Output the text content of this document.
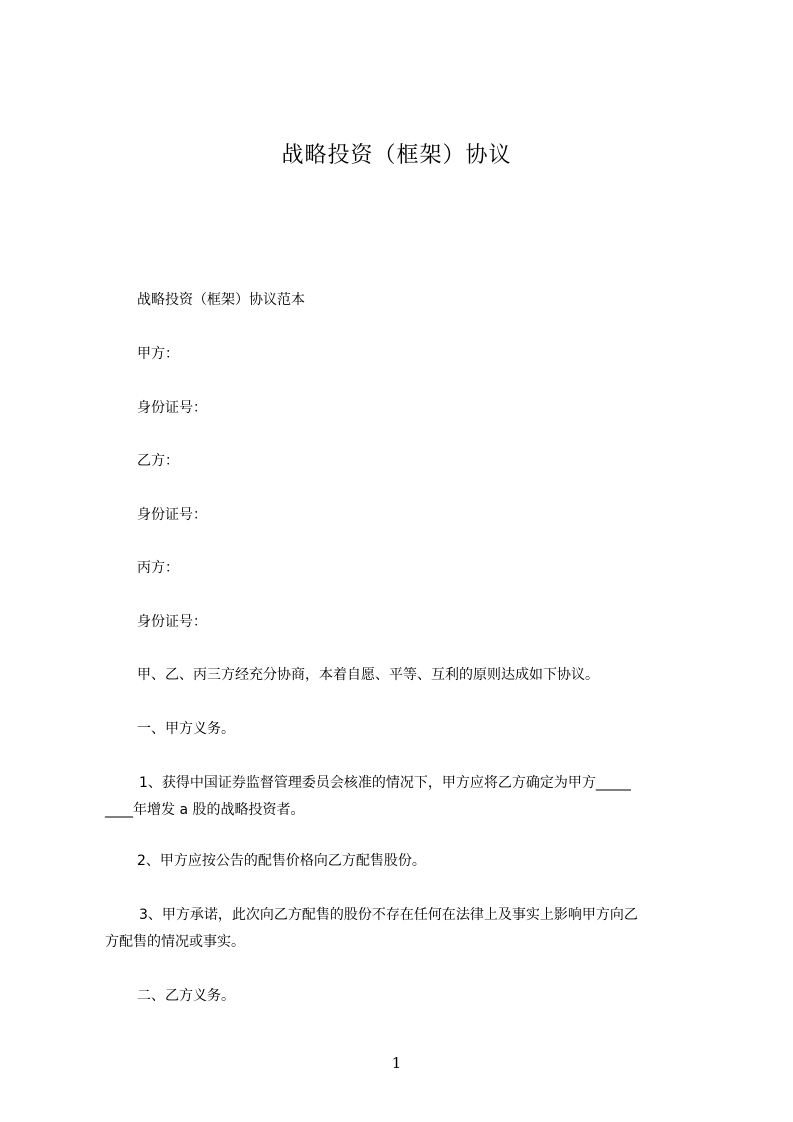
战略投资（框架）协议
战略投资（框架）协议范本
甲方：
身份证号：
乙方：
身份证号：
丙方：
身份证号：
甲、乙、丙三方经充分协商，本着自愿、平等、互利的原则达成如下协议。
一、甲方义务。
1、获得中国证券监督管理委员会核准的情况下，甲方应将乙方确定为甲方_____
____年增发 a 股的战略投资者。
2、甲方应按公告的配售价格向乙方配售股份。
3、甲方承诺，此次向乙方配售的股份不存在任何在法律上及事实上影响甲方向乙
方配售的情况或事实。
二、乙方义务。
1
